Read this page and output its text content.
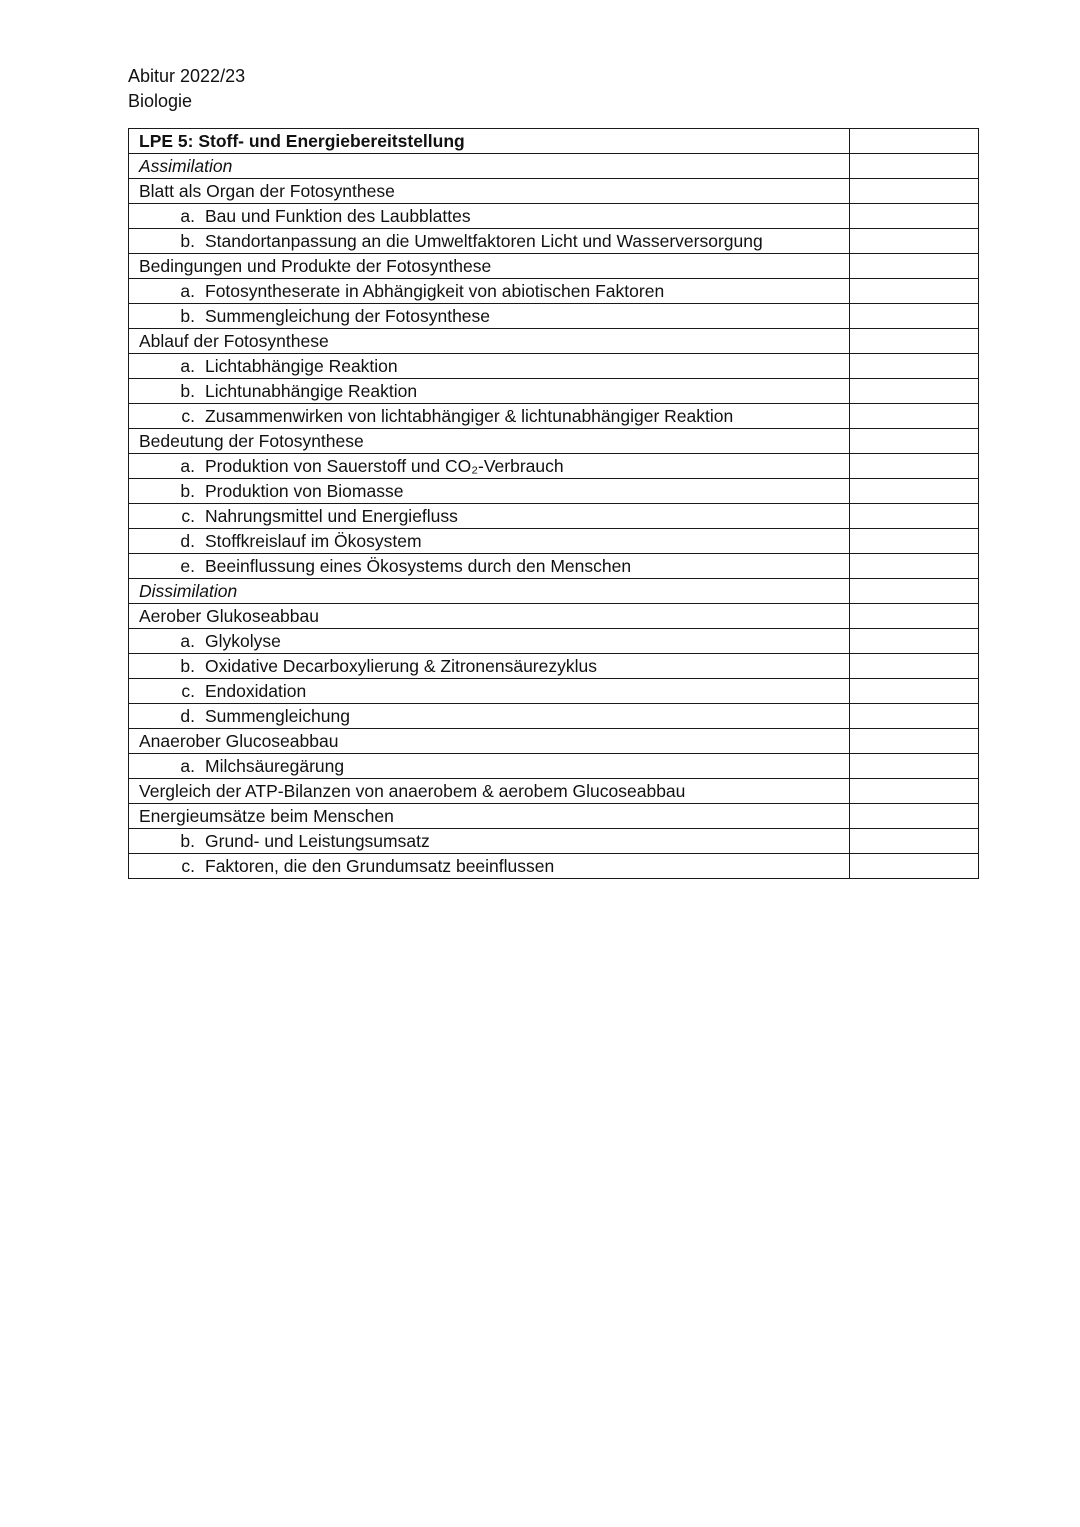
Abitur 2022/23
Biologie
LPE 5: Stoff- und Energiebereitstellung	
Assimilation	
Blatt als Organ der Fotosynthese	
a. Bau und Funktion des Laubblattes	
b. Standortanpassung an die Umweltfaktoren Licht und Wasserversorgung	
Bedingungen und Produkte der Fotosynthese	
a. Fotosyntheserate in Abhängigkeit von abiotischen Faktoren	
b. Summengleichung der Fotosynthese	
Ablauf der Fotosynthese	
a. Lichtabhängige Reaktion	
b. Lichtunabhängige Reaktion	
c. Zusammenwirken von lichtabhängiger & lichtunabhängiger Reaktion	
Bedeutung der Fotosynthese	
a. Produktion von Sauerstoff und CO₂-Verbrauch	
b. Produktion von Biomasse	
c. Nahrungsmittel und Energiefluss	
d. Stoffkreislauf im Ökosystem	
e. Beeinflussung eines Ökosystems durch den Menschen	
Dissimilation	
Aerober Glukoseabbau	
a. Glykolyse	
b. Oxidative Decarboxylierung & Zitronensäurezyklus	
c. Endoxidation	
d. Summengleichung	
Anaerober Glucoseabbau	
a. Milchsäuregärung	
Vergleich der ATP-Bilanzen von anaerobem & aerobem Glucoseabbau	
Energieumsätze beim Menschen	
b. Grund- und Leistungsumsatz	
c. Faktoren, die den Grundumsatz beeinflussen	
